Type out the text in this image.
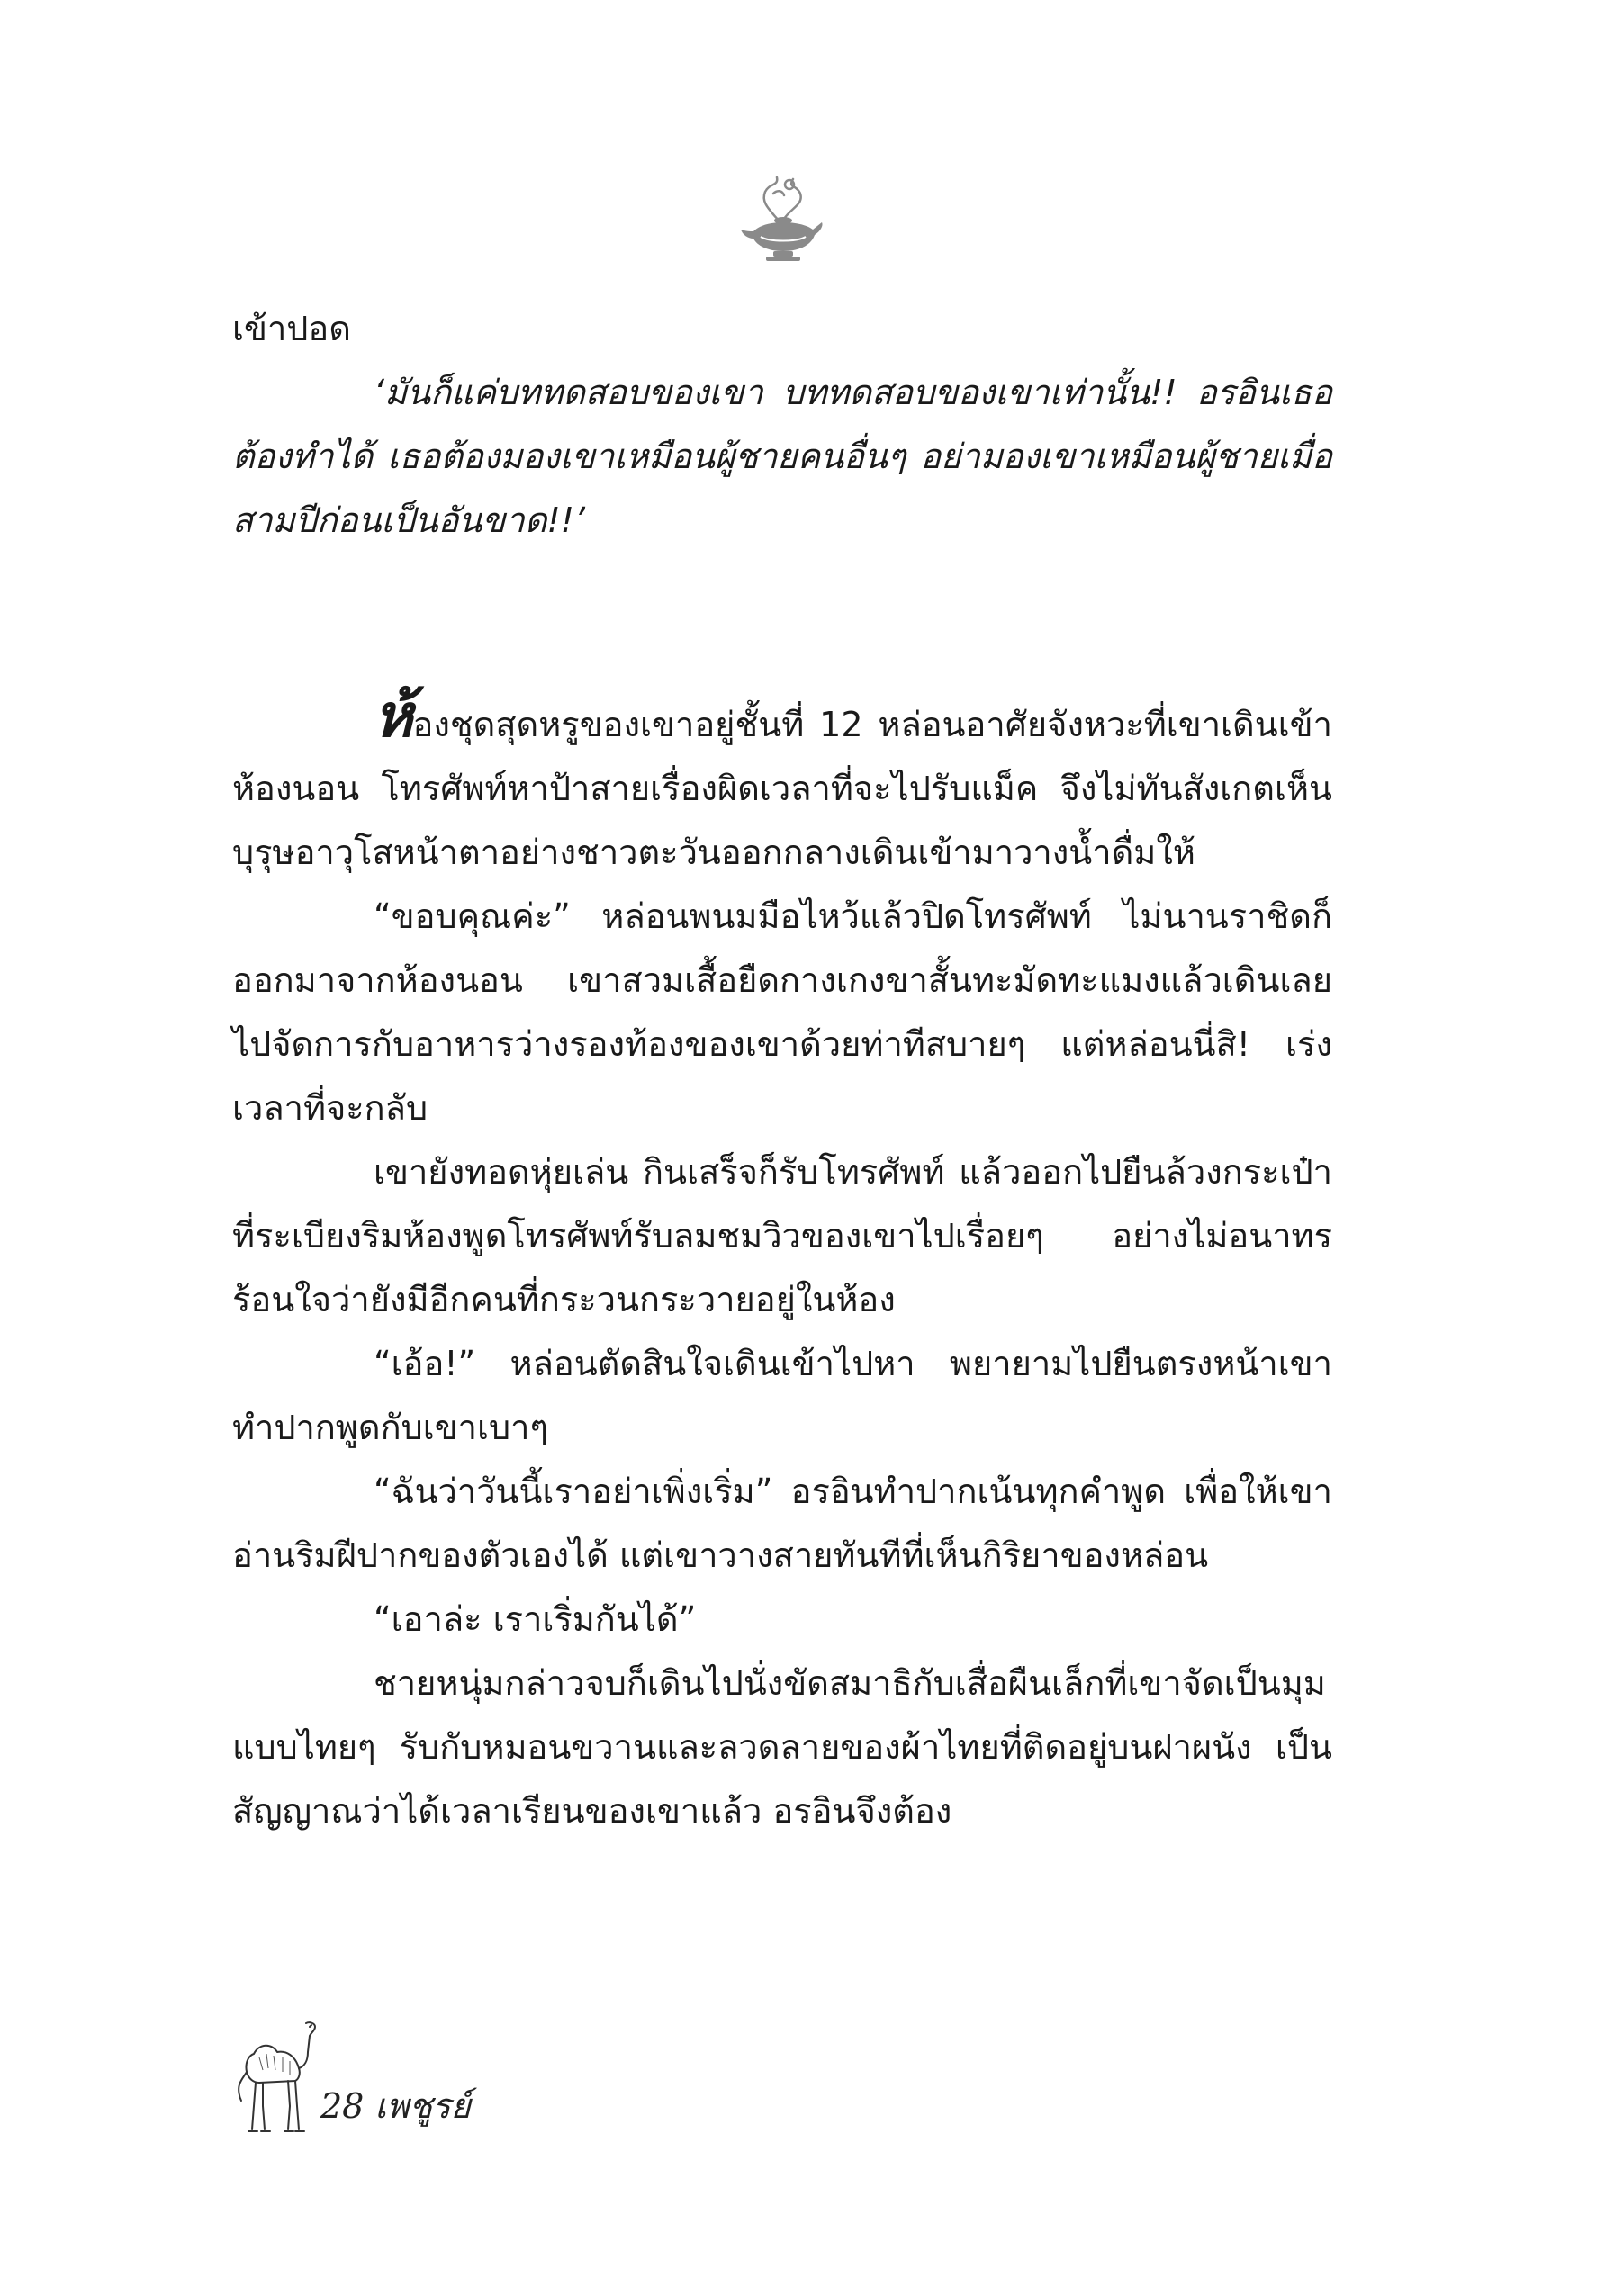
เข้าปอด

‘มันก็แค่บททดสอบของเขา บททดสอบของเขาเท่านั้น!! อรอินเธอต้องทำได้ เธอต้องมองเขาเหมือนผู้ชายคนอื่นๆ อย่ามองเขาเหมือนผู้ชายเมื่อสามปีก่อนเป็นอันขาด!!’

ห้องชุดสุดหรูของเขาอยู่ชั้นที่ 12 หล่อนอาศัยจังหวะที่เขาเดินเข้าห้องนอน โทรศัพท์หาป้าสายเรื่องผิดเวลาที่จะไปรับแม็ค จึงไม่ทันสังเกตเห็นบุรุษอาวุโสหน้าตาอย่างชาวตะวันออกกลางเดินเข้ามาวางน้ำดื่มให้

“ขอบคุณค่ะ” หล่อนพนมมือไหว้แล้วปิดโทรศัพท์ ไม่นานราชิดก็ออกมาจากห้องนอน เขาสวมเสื้อยืดกางเกงขาสั้นทะมัดทะแมงแล้วเดินเลยไปจัดการกับอาหารว่างรองท้องของเขาด้วยท่าทีสบายๆ แต่หล่อนนี่สิ! เร่งเวลาที่จะกลับ

เขายังทอดหุ่ยเล่น กินเสร็จก็รับโทรศัพท์ แล้วออกไปยืนล้วงกระเป๋าที่ระเบียงริมห้องพูดโทรศัพท์รับลมชมวิวของเขาไปเรื่อยๆ อย่างไม่อนาทรร้อนใจว่ายังมีอีกคนที่กระวนกระวายอยู่ในห้อง

“เอ้อ!” หล่อนตัดสินใจเดินเข้าไปหา พยายามไปยืนตรงหน้าเขา ทำปากพูดกับเขาเบาๆ

“ฉันว่าวันนี้เราอย่าเพิ่งเริ่ม” อรอินทำปากเน้นทุกคำพูด เพื่อให้เขาอ่านริมฝีปากของตัวเองได้ แต่เขาวางสายทันทีที่เห็นกิริยาของหล่อน

“เอาล่ะ เราเริ่มกันได้”

ชายหนุ่มกล่าวจบก็เดินไปนั่งขัดสมาธิกับเสื่อผืนเล็กที่เขาจัดเป็นมุมแบบไทยๆ รับกับหมอนขวานและลวดลายของผ้าไทยที่ติดอยู่บนฝาผนัง เป็นสัญญาณว่าได้เวลาเรียนของเขาแล้ว อรอินจึงต้อง

28 เพชูรย์
